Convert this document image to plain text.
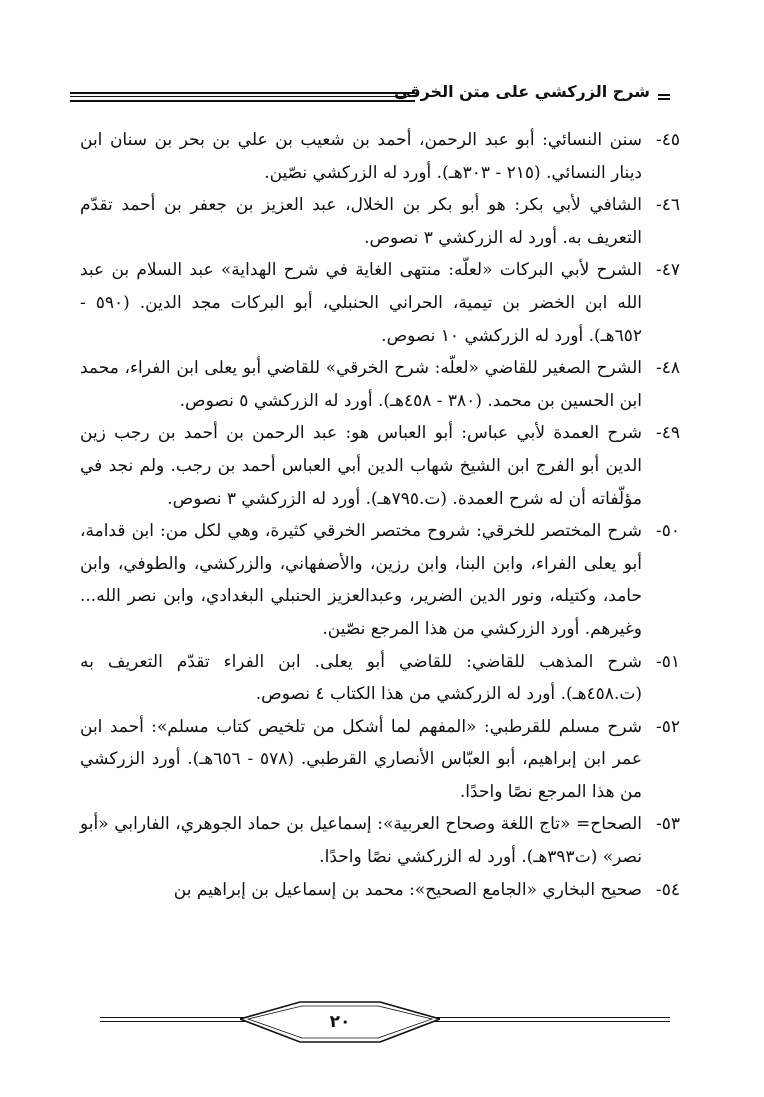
شرح الزركشي على متن الخرقي
٤٥-
سنن النسائي: أبو عبد الرحمن، أحمد بن شعيب بن علي بن بحر بن سنان ابن دينار النسائي. (٢١٥ - ٣٠٣هـ). أورد له الزركشي نصّين.
٤٦-
الشافي لأبي بكر: هو أبو بكر بن الخلال، عبد العزيز بن جعفر بن أحمد تقدّم التعريف به. أورد له الزركشي ٣ نصوص.
٤٧-
الشرح لأبي البركات «لعلّه: منتهى الغاية في شرح الهداية» عبد السلام بن عبد الله ابن الخضر بن تيمية، الحراني الحنبلي، أبو البركات مجد الدين. (٥٩٠ - ٦٥٢هـ). أورد له الزركشي ١٠ نصوص.
٤٨-
الشرح الصغير للقاضي «لعلّه: شرح الخرقي» للقاضي أبو يعلى ابن الفراء، محمد ابن الحسين بن محمد. (٣٨٠ - ٤٥٨هـ). أورد له الزركشي ٥ نصوص.
٤٩-
شرح العمدة لأبي عباس: أبو العباس هو: عبد الرحمن بن أحمد بن رجب زين الدين أبو الفرج ابن الشيخ شهاب الدين أبي العباس أحمد بن رجب. ولم نجد في مؤلّفاته أن له شرح العمدة. (ت.٧٩٥هـ). أورد له الزركشي ٣ نصوص.
٥٠-
شرح المختصر للخرقي: شروح مختصر الخرقي كثيرة، وهي لكل من: ابن قدامة، أبو يعلى الفراء، وابن البنا، وابن رزين، والأصفهاني، والزركشي، والطوفي، وابن حامد، وكتيله، ونور الدين الضرير، وعبدالعزيز الحنبلي البغدادي، وابن نصر الله... وغيرهم. أورد الزركشي من هذا المرجع نصّين.
٥١-
شرح المذهب للقاضي: للقاضي أبو يعلى. ابن الفراء تقدّم التعريف به (ت.٤٥٨هـ). أورد له الزركشي من هذا الكتاب ٤ نصوص.
٥٢-
شرح مسلم للقرطبي: «المفهم لما أشكل من تلخيص كتاب مسلم»: أحمد ابن عمر ابن إبراهيم، أبو العبّاس الأنصاري القرطبي. (٥٧٨ - ٦٥٦هـ). أورد الزركشي من هذا المرجع نصًا واحدًا.
٥٣-
الصحاح= «تاج اللغة وصحاح العربية»: إسماعيل بن حماد الجوهري، الفارابي «أبو نصر» (ت٣٩٣هـ). أورد له الزركشي نصًا واحدًا.
٥٤-
صحيح البخاري «الجامع الصحيح»: محمد بن إسماعيل بن إبراهيم بن
٢٠
